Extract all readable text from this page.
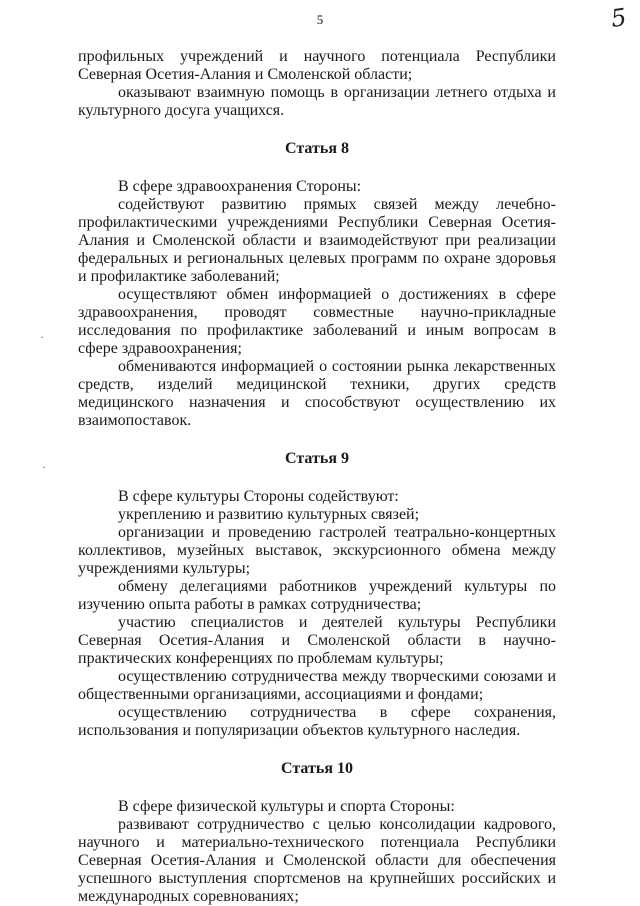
5	5
·
·

профильных учреждений и научного потенциала Республики Северная Осетия-Алания и Смоленской области;

оказывают взаимную помощь в организации летнего отдыха и культурного досуга учащихся.

Статья 8

В сфере здравоохранения Стороны:

содействуют развитию прямых связей между лечебно-профилактическими учреждениями Республики Северная Осетия-Алания и Смоленской области и взаимодействуют при реализации федеральных и региональных целевых программ по охране здоровья и профилактике заболеваний;

осуществляют обмен информацией о достижениях в сфере здравоохранения, проводят совместные научно-прикладные исследования по профилактике заболеваний и иным вопросам в сфере здравоохранения;

обмениваются информацией о состоянии рынка лекарственных средств, изделий медицинской техники, других средств медицинского назначения и способствуют осуществлению их взаимопоставок.

Статья 9

В сфере культуры Стороны содействуют:

укреплению и развитию культурных связей;

организации и проведению гастролей театрально-концертных коллективов, музейных выставок, экскурсионного обмена между учреждениями культуры;

обмену делегациями работников учреждений культуры по изучению опыта работы в рамках сотрудничества;

участию специалистов и деятелей культуры Республики Северная Осетия-Алания и Смоленской области в научно-практических конференциях по проблемам культуры;

осуществлению сотрудничества между творческими союзами и общественными организациями, ассоциациями и фондами;

осуществлению сотрудничества в сфере сохранения, использования и популяризации объектов культурного наследия.

Статья 10

В сфере физической культуры и спорта Стороны:

развивают сотрудничество с целью консолидации кадрового, научного и материально-технического потенциала Республики Северная Осетия-Алания и Смоленской области для обеспечения успешного выступления спортсменов на крупнейших российских и международных соревнованиях;
